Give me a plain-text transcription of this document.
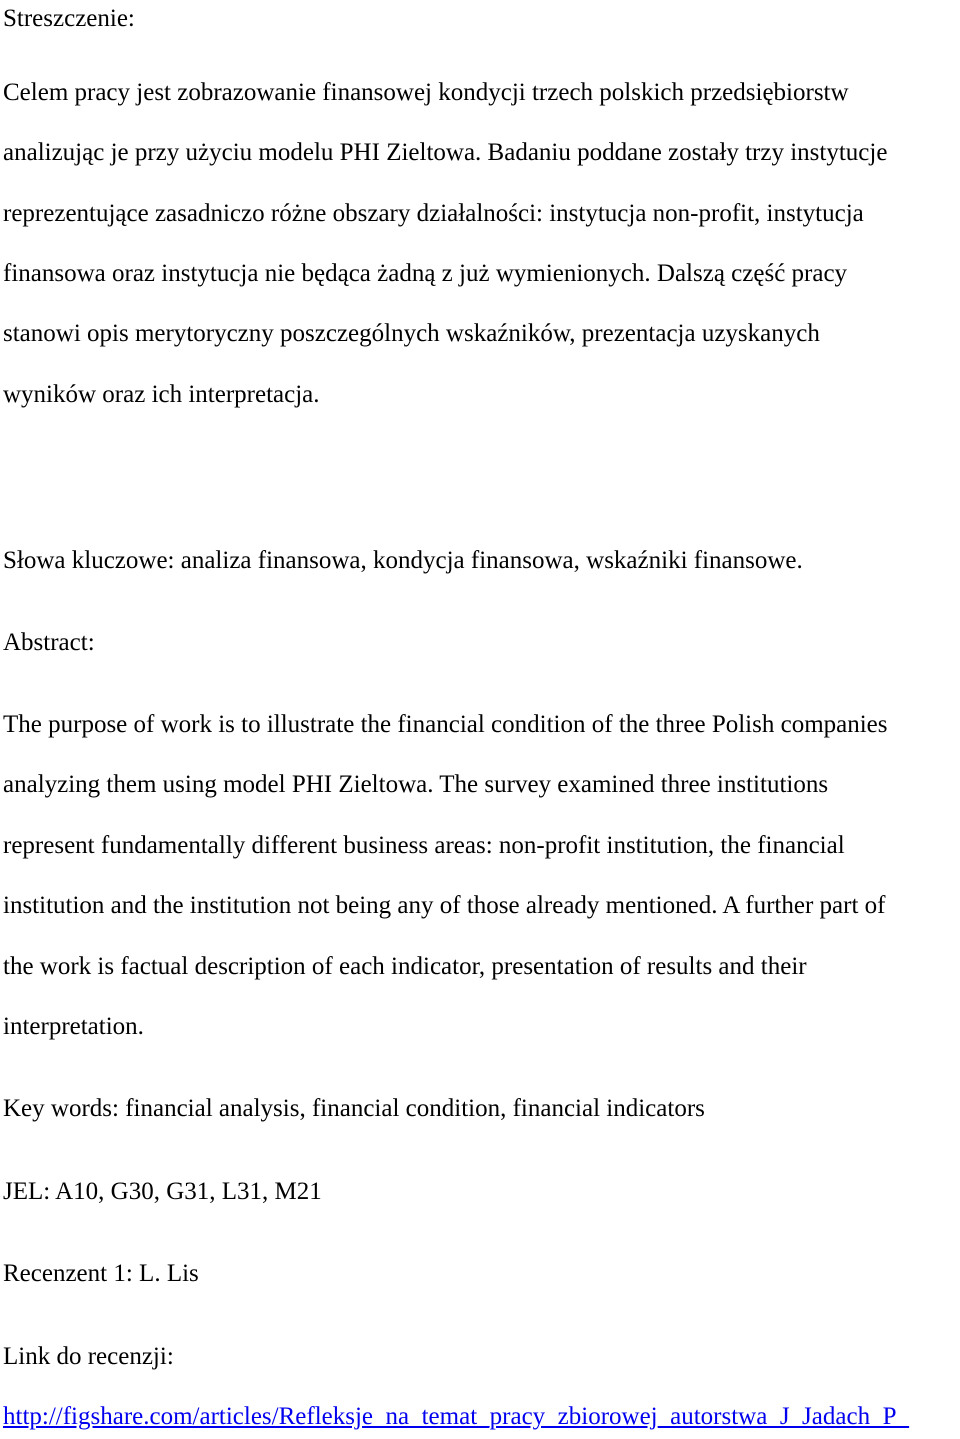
Streszczenie:

Celem pracy jest zobrazowanie finansowej kondycji trzech polskich przedsiębiorstw

analizując je przy użyciu modelu PHI Zieltowa. Badaniu poddane zostały trzy instytucje

reprezentujące zasadniczo różne obszary działalności: instytucja non-profit, instytucja

finansowa oraz instytucja nie będąca żadną z już wymienionych. Dalszą część pracy

stanowi opis merytoryczny poszczególnych wskaźników, prezentacja uzyskanych

wyników oraz ich interpretacja.

Słowa kluczowe: analiza finansowa, kondycja finansowa, wskaźniki finansowe.

Abstract:

The purpose of work is to illustrate the financial condition of the three Polish companies

analyzing them using model PHI Zieltowa. The survey examined three institutions

represent fundamentally different business areas: non-profit institution, the financial

institution and the institution not being any of those already mentioned. A further part of

the work is factual description of each indicator, presentation of results and their

interpretation.

Key words: financial analysis, financial condition, financial indicators

JEL: A10, G30, G31, L31, M21

Recenzent 1: L. Lis

Link do recenzji:

http://figshare.com/articles/Refleksje_na_temat_pracy_zbiorowej_autorstwa_J_Jadach_P_
